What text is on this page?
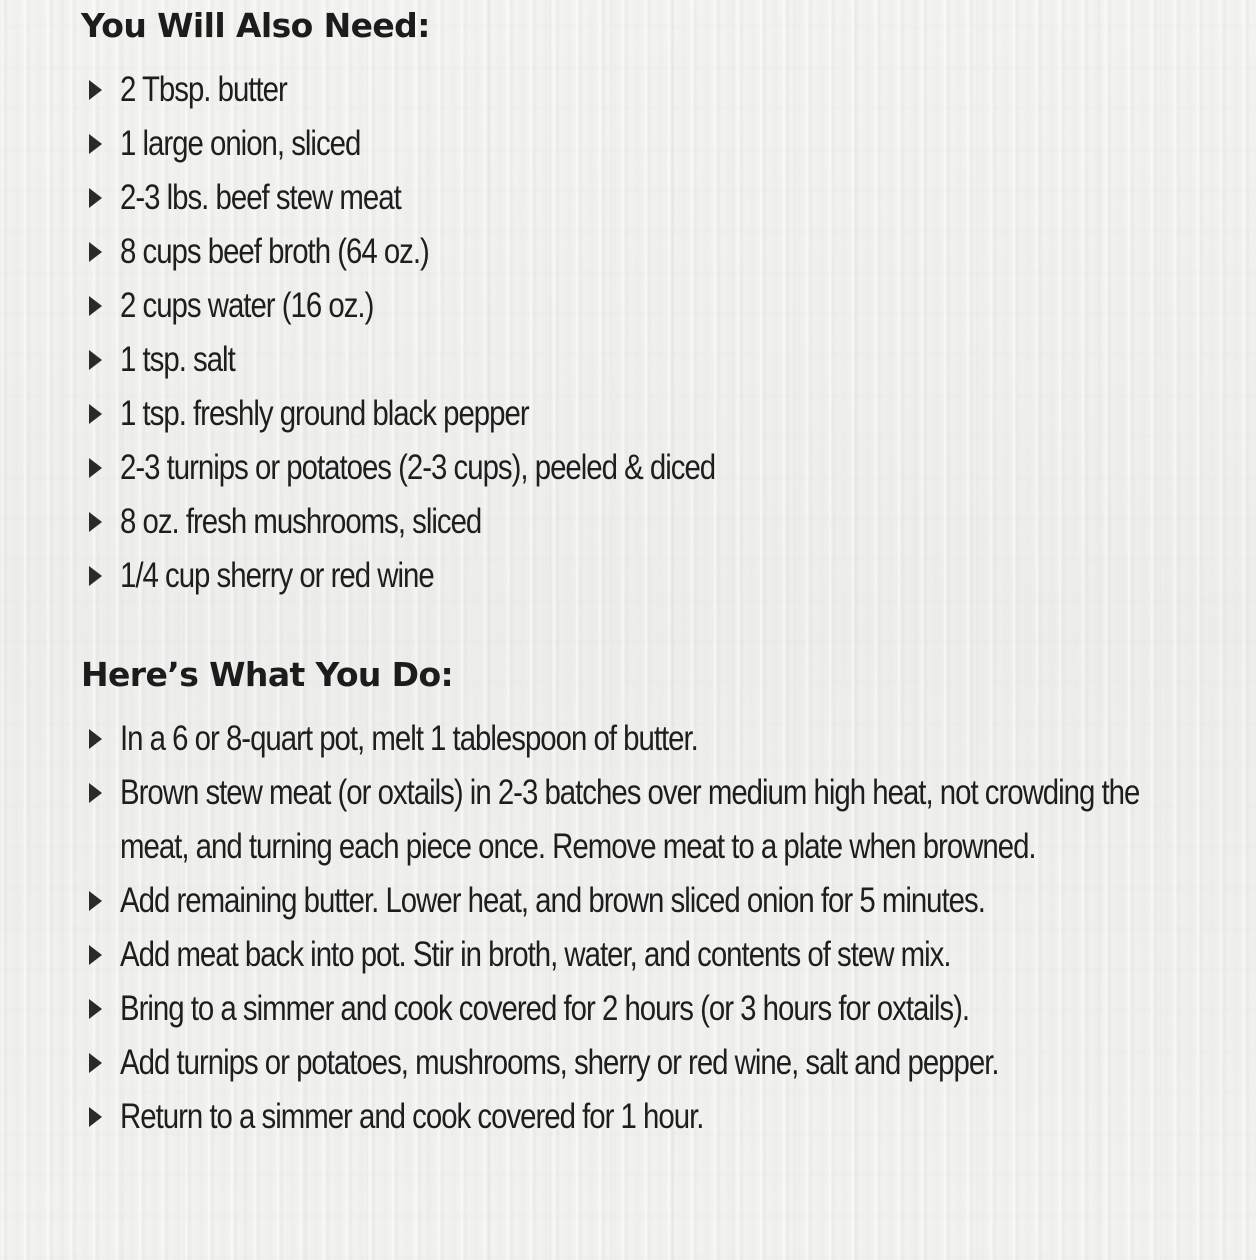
You Will Also Need:
2 Tbsp. butter
1 large onion, sliced
2-3 lbs. beef stew meat
8 cups beef broth (64 oz.)
2 cups water (16 oz.)
1 tsp. salt
1 tsp. freshly ground black pepper
2-3 turnips or potatoes (2-3 cups), peeled & diced
8 oz. fresh mushrooms, sliced
1/4 cup sherry or red wine
Here’s What You Do:
In a 6 or 8-quart pot, melt 1 tablespoon of butter.
Brown stew meat (or oxtails) in 2-3 batches over medium high heat, not crowding the meat, and turning each piece once. Remove meat to a plate when browned.
Add remaining butter. Lower heat, and brown sliced onion for 5 minutes.
Add meat back into pot. Stir in broth, water, and contents of stew mix.
Bring to a simmer and cook covered for 2 hours (or 3 hours for oxtails).
Add turnips or potatoes, mushrooms, sherry or red wine, salt and pepper.
Return to a simmer and cook covered for 1 hour.
